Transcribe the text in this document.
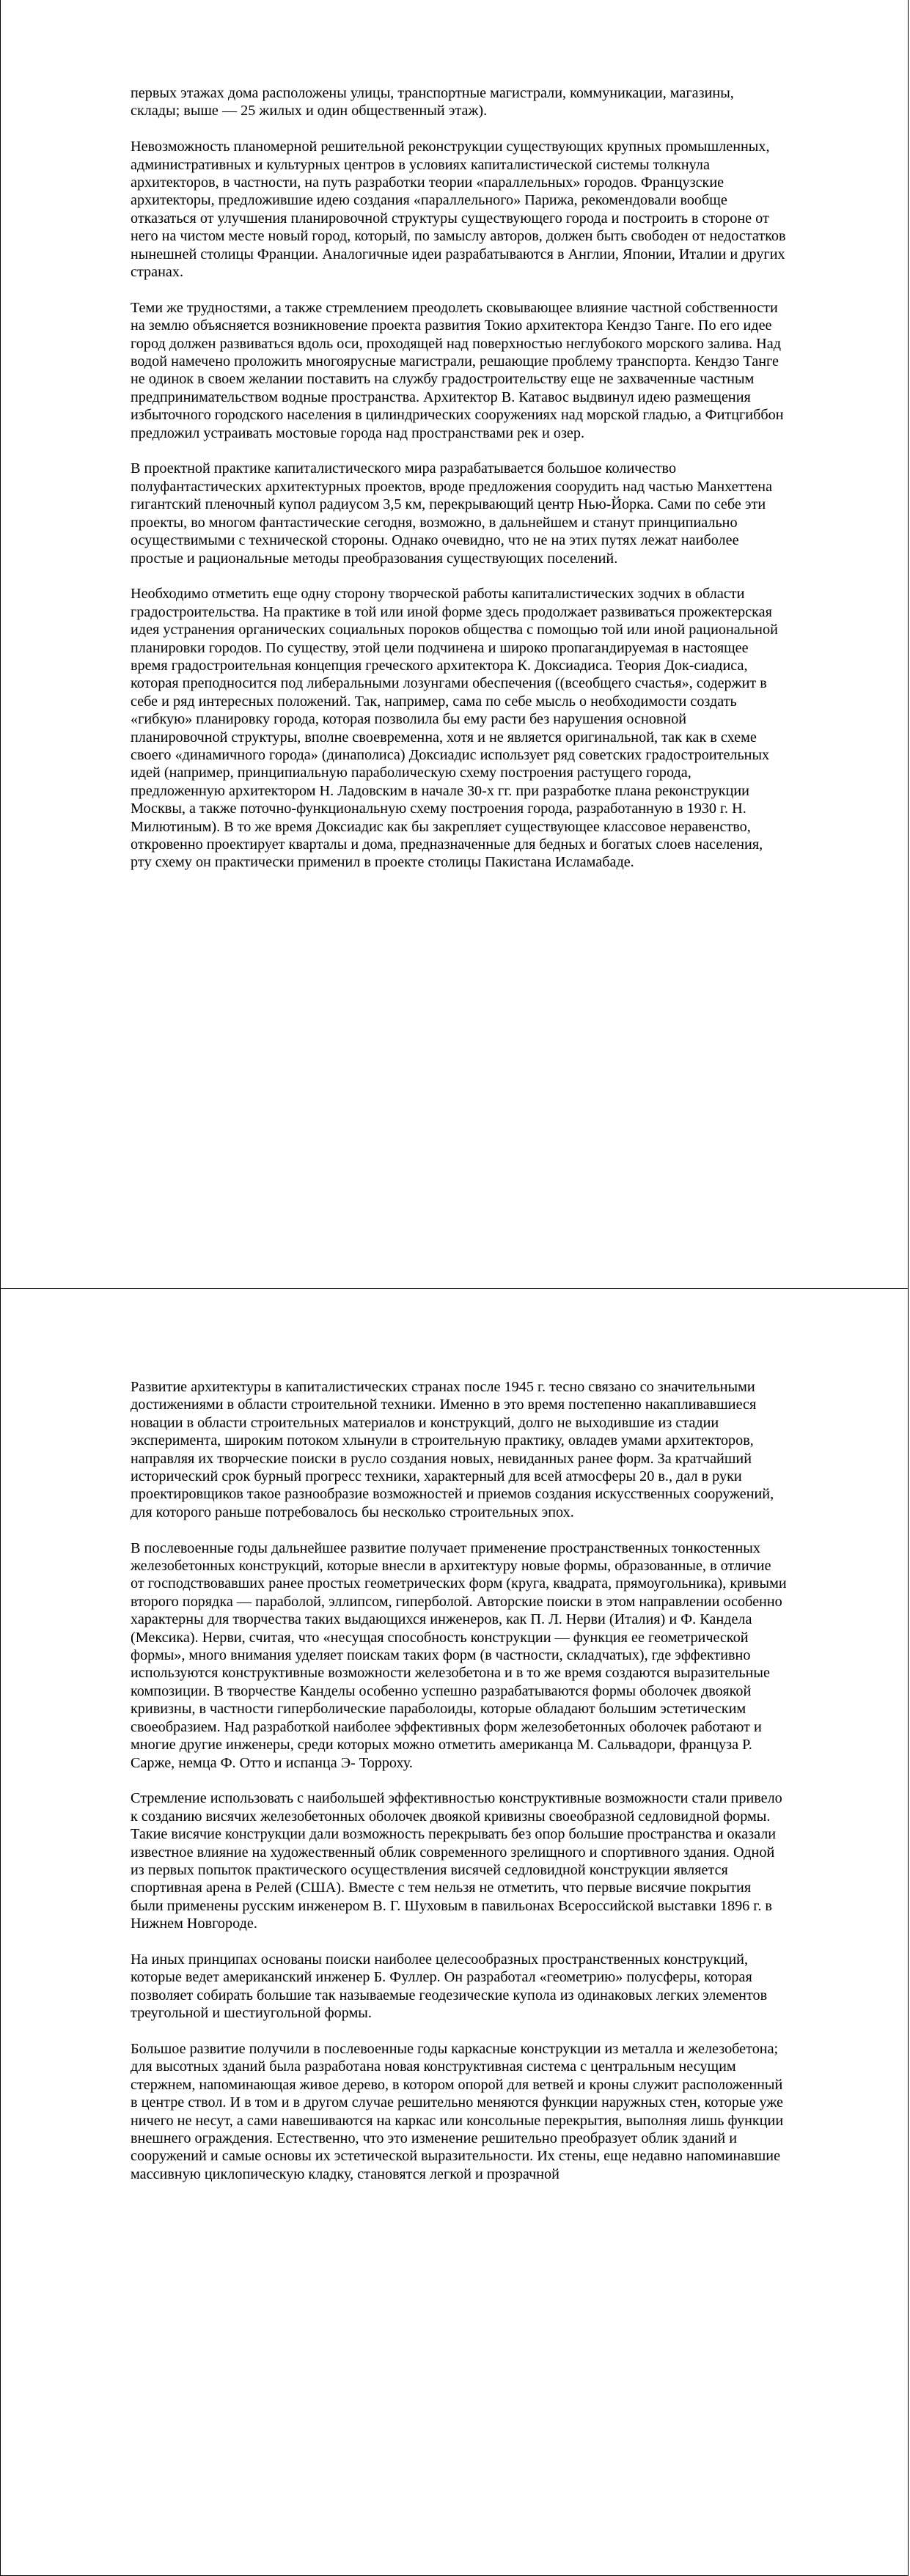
первых этажах дома расположены улицы, транспортные магистрали, коммуникации, магазины, склады; выше — 25 жилых и один общественный этаж).

Невозможность планомерной решительной реконструкции существующих крупных промышленных, административных и культурных центров в условиях капиталистической системы толкнула архитекторов, в частности, на путь разработки теории «параллельных» городов. Французские архитекторы, предложившие идею создания «параллельного» Парижа, рекомендовали вообще отказаться от улучшения планировочной структуры существующего города и построить в стороне от него на чистом месте новый город, который, по замыслу авторов, должен быть свободен от недостатков нынешней столицы Франции. Аналогичные идеи разрабатываются в Англии, Японии, Италии и других странах.

Теми же трудностями, а также стремлением преодолеть сковывающее влияние частной собственности на землю объясняется возникновение проекта развития Токио архитектора Кендзо Танге. По его идее город должен развиваться вдоль оси, проходящей над поверхностью неглубокого морского залива. Над водой намечено проложить многоярусные магистрали, решающие проблему транспорта. Кендзо Танге не одинок в своем желании поставить на службу градостроительству еще не захваченные частным предпринимательством водные пространства. Архитектор В. Катавос выдвинул идею размещения избыточного городского населения в цилиндрических сооружениях над морской гладью, а Фитцгиббон предложил устраивать мостовые города над пространствами рек и озер.

В проектной практике капиталистического мира разрабатывается большое количество полуфантастических архитектурных проектов, вроде предложения соорудить над частью Манхеттена гигантский пленочный купол радиусом 3,5 км, перекрывающий центр Нью-Йорка. Сами по себе эти проекты, во многом фантастические сегодня, возможно, в дальнейшем и станут принципиально осуществимыми с технической стороны. Однако очевидно, что не на этих путях лежат наиболее простые и рациональные методы преобразования существующих поселений.

Необходимо отметить еще одну сторону творческой работы капиталистических зодчих в области градостроительства. На практике в той или иной форме здесь продолжает развиваться прожектерская идея устранения органических социальных пороков общества с помощью той или иной рациональной планировки городов. По существу, этой цели подчинена и широко пропагандируемая в настоящее время градостроительная концепция греческого архитектора К. Доксиадиса. Теория Док-сиадиса, которая преподносится под либеральными лозунгами обеспечения ((всеобщего счастья», содержит в себе и ряд интересных положений. Так, например, сама по себе мысль о необходимости создать «гибкую» планировку города, которая позволила бы ему расти без нарушения основной планировочной структуры, вполне своевременна, хотя и не является оригинальной, так как в схеме своего «динамичного города» (динаполиса) Доксиадис использует ряд советских градостроительных идей (например, принципиальную параболическую схему построения растущего города, предложенную архитектором Н. Ладовским в начале 30-х гг. при разработке плана реконструкции Москвы, а также поточно-функциональную схему построения города, разработанную в 1930 г. Н. Милютиным). В то же время Доксиадис как бы закрепляет существующее классовое неравенство, откровенно проектирует кварталы и дома, предназначенные для бедных и богатых слоев населения, ртy схему он практически применил в проекте столицы Пакистана Исламабаде.

Развитие архитектуры в капиталистических странах после 1945 г. тесно связано со значительными достижениями в области строительной техники. Именно в это время постепенно накапливавшиеся новации в области строительных материалов и конструкций, долго не выходившие из стадии эксперимента, широким потоком хлынули в строительную практику, овладев умами архитекторов, направляя их творческие поиски в русло создания новых, невиданных ранее форм. За кратчайший исторический срок бурный прогресс техники, характерный для всей атмосферы 20 в., дал в руки проектировщиков такое разнообразие возможностей и приемов создания искусственных сооружений, для которого раньше потребовалось бы несколько строительных эпох.

В послевоенные годы дальнейшее развитие получает применение пространственных тонкостенных железобетонных конструкций, которые внесли в архитектуру новые формы, образованные, в отличие от господствовавших ранее простых геометрических форм (круга, квадрата, прямоугольника), кривыми второго порядка — параболой, эллипсом, гиперболой. Авторские поиски в этом направлении особенно характерны для творчества таких выдающихся инженеров, как П. Л. Нерви (Италия) и Ф. Кандела (Мексика). Нерви, считая, что «несущая способность конструкции — функция ее геометрической формы», много внимания уделяет поискам таких форм (в частности, складчатых), где эффективно используются конструктивные возможности железобетона и в то же время создаются выразительные композиции. В творчестве Канделы особенно успешно разрабатываются формы оболочек двоякой кривизны, в частности гиперболические параболоиды, которые обладают большим эстетическим своеобразием. Над разработкой наиболее эффективных форм железобетонных оболочек работают и многие другие инженеры, среди которых можно отметить американца М. Сальвадори, француза Р. Сарже, немца Ф. Отто и испанца Э- Торроху.

Стремление использовать с наибольшей эффективностью конструктивные возможности стали привело к созданию висячих железобетонных оболочек двоякой кривизны своеобразной седловидной формы. Такие висячие конструкции дали возможность перекрывать без опор большие пространства и оказали известное влияние на художественный облик современного зрелищного и спортивного здания. Одной из первых попыток практического осуществления висячей седловидной конструкции является спортивная арена в Релей (США). Вместе с тем нельзя не отметить, что первые висячие покрытия были применены русским инженером В. Г. Шуховым в павильонах Всероссийской выставки 1896 г. в Нижнем Новгороде.

На иных принципах основаны поиски наиболее целесообразных пространственных конструкций, которые ведет американский инженер Б. Фуллер. Он разработал «геометрию» полусферы, которая позволяет собирать большие так называемые геодезические купола из одинаковых легких элементов треугольной и шестиугольной формы.

Большое развитие получили в послевоенные годы каркасные конструкции из металла и железобетона; для высотных зданий была разработана новая конструктивная система с центральным несущим стержнем, напоминающая живое дерево, в котором опорой для ветвей и кроны служит расположенный в центре ствол. И в том и в другом случае решительно меняются функции наружных стен, которые уже ничего не несут, а сами навешиваются на каркас или консольные перекрытия, выполняя лишь функции внешнего ограждения. Естественно, что это изменение решительно преобразует облик зданий и сооружений и самые основы их эстетической выразительности. Их стены, еще недавно напоминавшие массивную циклопическую кладку, становятся легкой и прозрачной
